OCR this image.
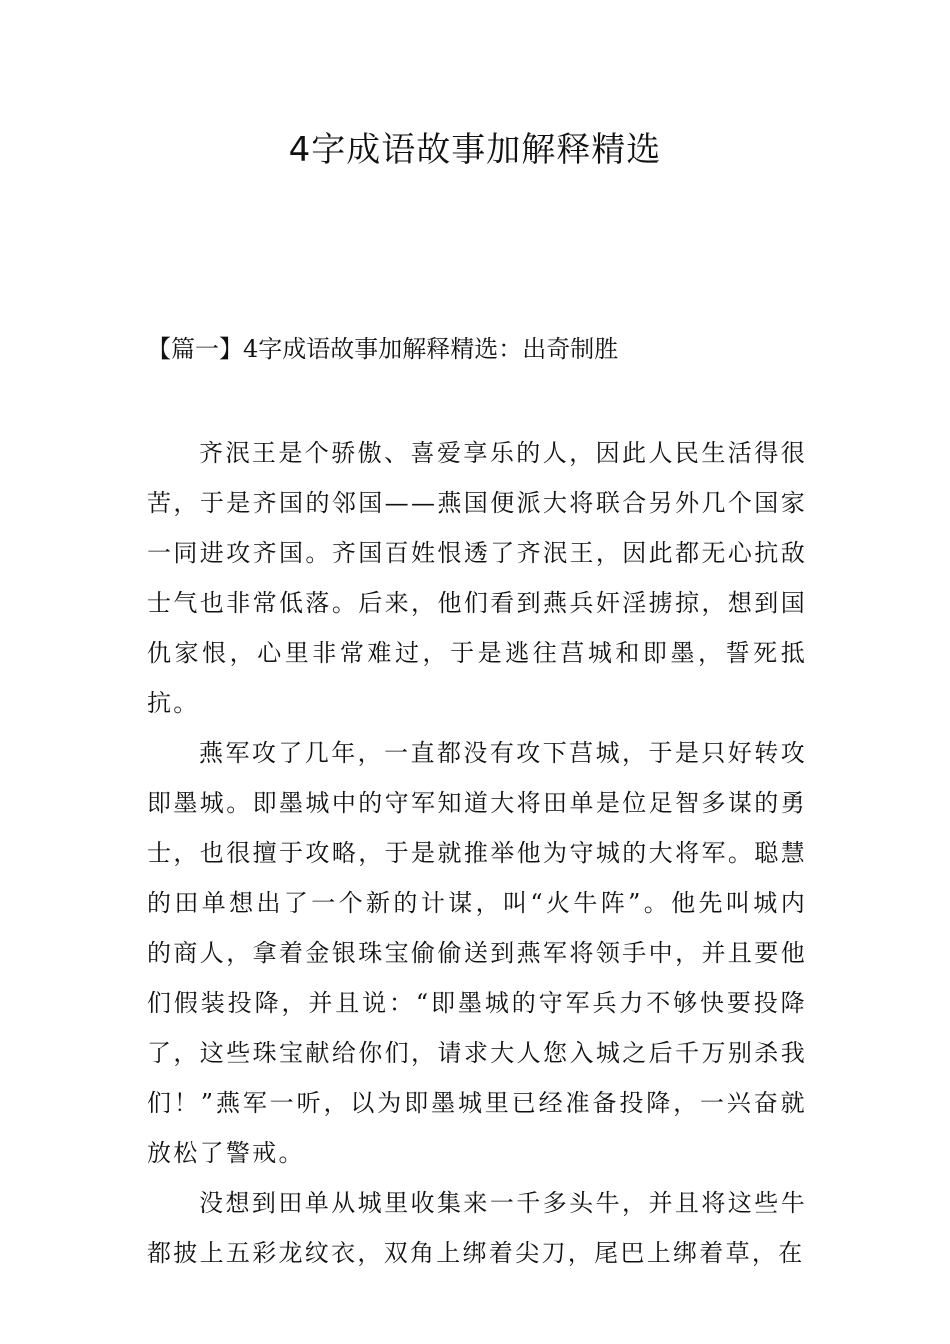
4字成语故事加解释精选
【篇一】4字成语故事加解释精选：出奇制胜

齐泯王是个骄傲、喜爱享乐的人，因此人民生活得很苦，于是齐国的邻国——燕国便派大将联合另外几个国家一同进攻齐国。齐国百姓恨透了齐泯王，因此都无心抗敌士气也非常低落。后来，他们看到燕兵奸淫掳掠，想到国仇家恨，心里非常难过，于是逃往莒城和即墨，誓死抵抗。

燕军攻了几年，一直都没有攻下莒城，于是只好转攻即墨城。即墨城中的守军知道大将田单是位足智多谋的勇士，也很擅于攻略，于是就推举他为守城的大将军。聪慧的田单想出了一个新的计谋，叫“火牛阵”。他先叫城内的商人，拿着金银珠宝偷偷送到燕军将领手中，并且要他们假装投降，并且说：“即墨城的守军兵力不够快要投降了，这些珠宝献给你们，请求大人您入城之后千万别杀我们！”燕军一听，以为即墨城里已经准备投降，一兴奋就放松了警戒。

没想到田单从城里收集来一千多头牛，并且将这些牛都披上五彩龙纹衣，双角上绑着尖刀，尾巴上绑着草，在
